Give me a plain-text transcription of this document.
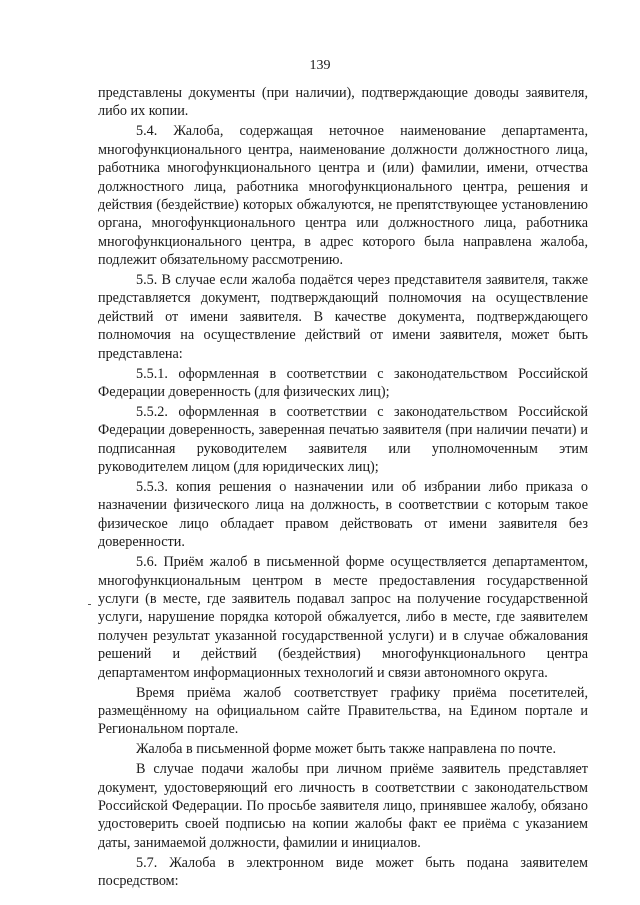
139

представлены документы (при наличии), подтверждающие доводы заявителя, либо их копии.

5.4. Жалоба, содержащая неточное наименование департамента, многофункционального центра, наименование должности должностного лица, работника многофункционального центра и (или) фамилии, имени, отчества должностного лица, работника многофункционального центра, решения и действия (бездействие) которых обжалуются, не препятствующее установлению органа, многофункционального центра или должностного лица, работника многофункционального центра, в адрес которого была направлена жалоба, подлежит обязательному рассмотрению.

5.5. В случае если жалоба подаётся через представителя заявителя, также представляется документ, подтверждающий полномочия на осуществление действий от имени заявителя. В качестве документа, подтверждающего полномочия на осуществление действий от имени заявителя, может быть представлена:

5.5.1. оформленная в соответствии с законодательством Российской Федерации доверенность (для физических лиц);

5.5.2. оформленная в соответствии с законодательством Российской Федерации доверенность, заверенная печатью заявителя (при наличии печати) и подписанная руководителем заявителя или уполномоченным этим руководителем лицом (для юридических лиц);

5.5.3. копия решения о назначении или об избрании либо приказа о назначении физического лица на должность, в соответствии с которым такое физическое лицо обладает правом действовать от имени заявителя без доверенности.

5.6. Приём жалоб в письменной форме осуществляется департаментом, многофункциональным центром в месте предоставления государственной услуги (в месте, где заявитель подавал запрос на получение государственной услуги, нарушение порядка которой обжалуется, либо в месте, где заявителем получен результат указанной государственной услуги) и в случае обжалования решений и действий (бездействия) многофункционального центра департаментом информационных технологий и связи автономного округа.

Время приёма жалоб соответствует графику приёма посетителей, размещённому на официальном сайте Правительства, на Едином портале и Региональном портале.

Жалоба в письменной форме может быть также направлена по почте.

В случае подачи жалобы при личном приёме заявитель представляет документ, удостоверяющий его личность в соответствии с законодательством Российской Федерации. По просьбе заявителя лицо, принявшее жалобу, обязано удостоверить своей подписью на копии жалобы факт ее приёма с указанием даты, занимаемой должности, фамилии и инициалов.

5.7. Жалоба в электронном виде может быть подана заявителем посредством:
